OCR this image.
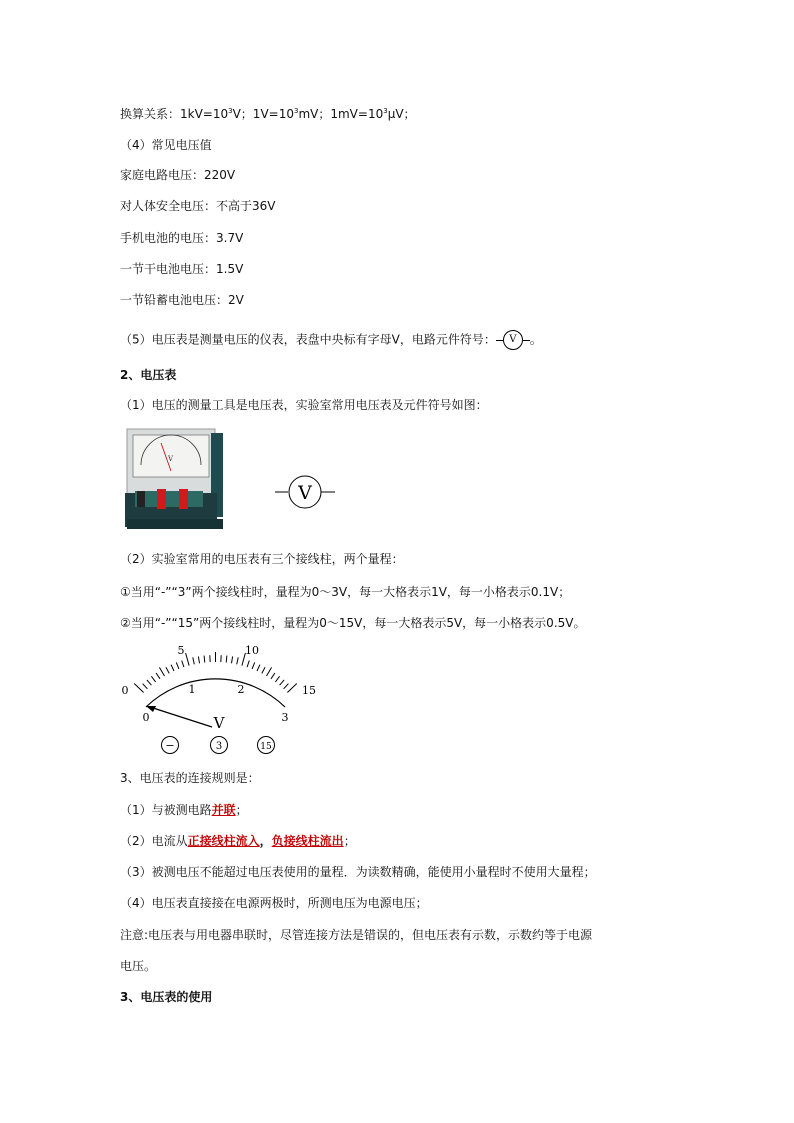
换算关系：$1kV=10^3V$；$1V=10^3mV$；$1mV=10^3\mu V$；
（4）常见电压值
家庭电路电压：220V
对人体安全电压：不高于36V
手机电池的电压：3.7V
一节干电池电压：1.5V
一节铅蓄电池电压：2V
（5）电压表是测量电压的仪表，表盘中央标有字母V，电路元件符号： V 。
2、电压表
（1）电压的测量工具是电压表，实验室常用电压表及元件符号如图：
V
V
（2）实验室常用的电压表有三个接线柱，两个量程：
①当用“-”“3”两个接线柱时，量程为0～3V，每一大格表示1V，每一小格表示0.1V；
②当用“-”“15”两个接线柱时，量程为0～15V，每一大格表示5V，每一小格表示0.5V。
0
5	10
15
0
1	2
3
V
−	3	15
3、电压表的连接规则是：
（1）与被测电路并联；
（2）电流从正接线柱流入，负接线柱流出；
（3）被测电压不能超过电压表使用的量程．为读数精确，能使用小量程时不使用大量程；
（4）电压表直接接在电源两极时，所测电压为电源电压；
注意:电压表与用电器串联时，尽管连接方法是错误的，但电压表有示数，示数约等于电源
电压。
3、电压表的使用
